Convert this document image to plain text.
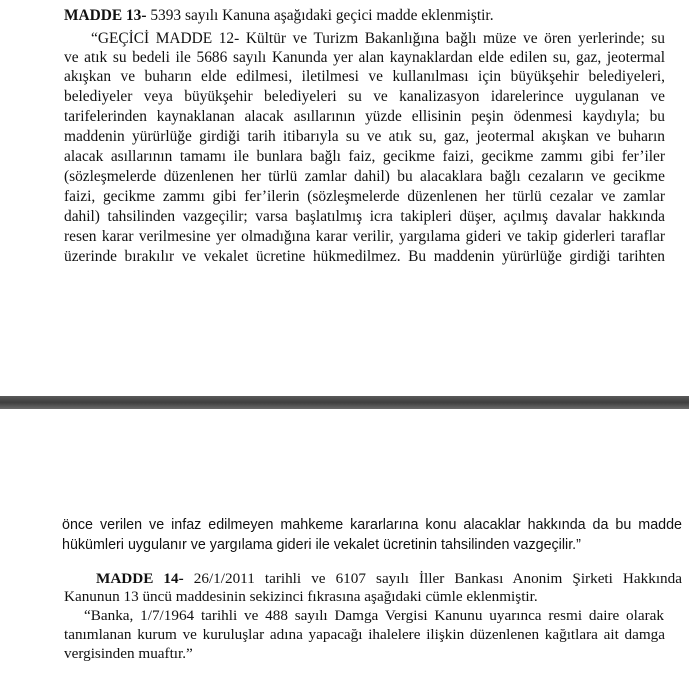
MADDE 13- 5393 sayılı Kanuna aşağıdaki geçici madde eklenmiştir.
“GEÇİCİ MADDE 12- Kültür ve Turizm Bakanlığına bağlı müze ve ören yerlerinde; su
ve atık su bedeli ile 5686 sayılı Kanunda yer alan kaynaklardan elde edilen su, gaz, jeotermal
akışkan ve buharın elde edilmesi, iletilmesi ve kullanılması için büyükşehir belediyeleri,
belediyeler veya büyükşehir belediyeleri su ve kanalizasyon idarelerince uygulanan ve
tarifelerinden kaynaklanan alacak asıllarının yüzde ellisinin peşin ödenmesi kaydıyla; bu
maddenin yürürlüğe girdiği tarih itibarıyla su ve atık su, gaz, jeotermal akışkan ve buharın
alacak asıllarının tamamı ile bunlara bağlı faiz, gecikme faizi, gecikme zammı gibi fer’iler
(sözleşmelerde düzenlenen her türlü zamlar dahil) bu alacaklara bağlı cezaların ve gecikme
faizi, gecikme zammı gibi fer’ilerin (sözleşmelerde düzenlenen her türlü cezalar ve zamlar
dahil) tahsilinden vazgeçilir; varsa başlatılmış icra takipleri düşer, açılmış davalar hakkında
resen karar verilmesine yer olmadığına karar verilir, yargılama gideri ve takip giderleri taraflar
üzerinde bırakılır ve vekalet ücretine hükmedilmez. Bu maddenin yürürlüğe girdiği tarihten
önce verilen ve infaz edilmeyen mahkeme kararlarına konu alacaklar hakkında da bu madde
hükümleri uygulanır ve yargılama gideri ile vekalet ücretinin tahsilinden vazgeçilir.”
MADDE 14- 26/1/2011 tarihli ve 6107 sayılı İller Bankası Anonim Şirketi Hakkında
Kanunun 13 üncü maddesinin sekizinci fıkrasına aşağıdaki cümle eklenmiştir.
“Banka, 1/7/1964 tarihli ve 488 sayılı Damga Vergisi Kanunu uyarınca resmi daire olarak
tanımlanan kurum ve kuruluşlar adına yapacağı ihalelere ilişkin düzenlenen kağıtlara ait damga
vergisinden muaftır.”
